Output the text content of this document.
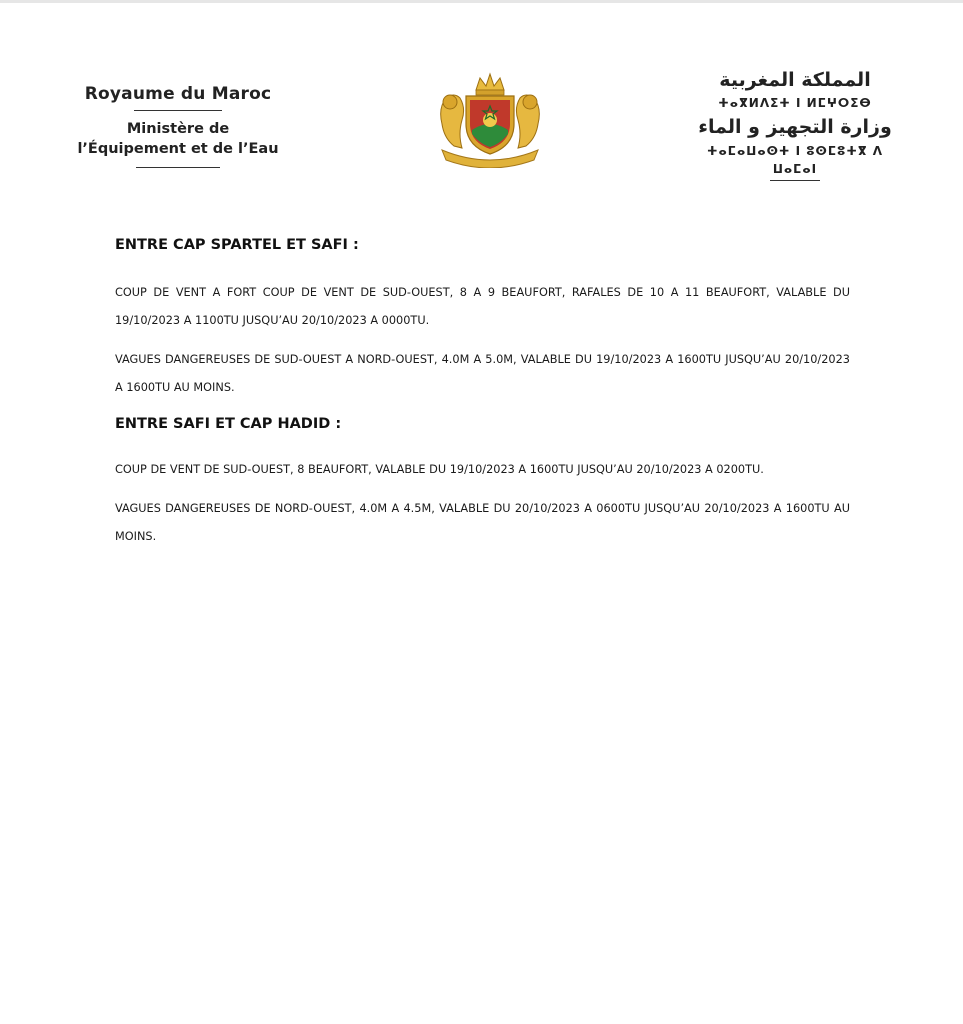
Royaume du Maroc
Ministère de
l’Équipement et de l’Eau
المملكة المغربية
ⵜⴰⴳⵍⴷⵉⵜ ⵏ ⵍⵎⵖⵔⵉⴱ
وزارة التجهيز و الماء
ⵜⴰⵎⴰⵡⴰⵙⵜ ⵏ ⵓⵙⵎⵓⵜⴳ ⴷ ⵡⴰⵎⴰⵏ
ENTRE CAP SPARTEL ET SAFI :

COUP DE VENT A FORT COUP DE VENT DE SUD-OUEST, 8 A 9 BEAUFORT, RAFALES DE 10 A 11 BEAUFORT, VALABLE DU 19/10/2023 A 1100TU JUSQU’AU 20/10/2023 A 0000TU.

VAGUES DANGEREUSES DE SUD-OUEST A NORD-OUEST, 4.0M A 5.0M, VALABLE DU 19/10/2023 A 1600TU JUSQU’AU 20/10/2023 A 1600TU AU MOINS.

ENTRE SAFI ET CAP HADID :

COUP DE VENT DE SUD-OUEST, 8 BEAUFORT, VALABLE DU 19/10/2023 A 1600TU JUSQU’AU 20/10/2023 A 0200TU.

VAGUES DANGEREUSES DE NORD-OUEST, 4.0M A 4.5M, VALABLE DU 20/10/2023 A 0600TU JUSQU’AU 20/10/2023 A 1600TU AU MOINS.
